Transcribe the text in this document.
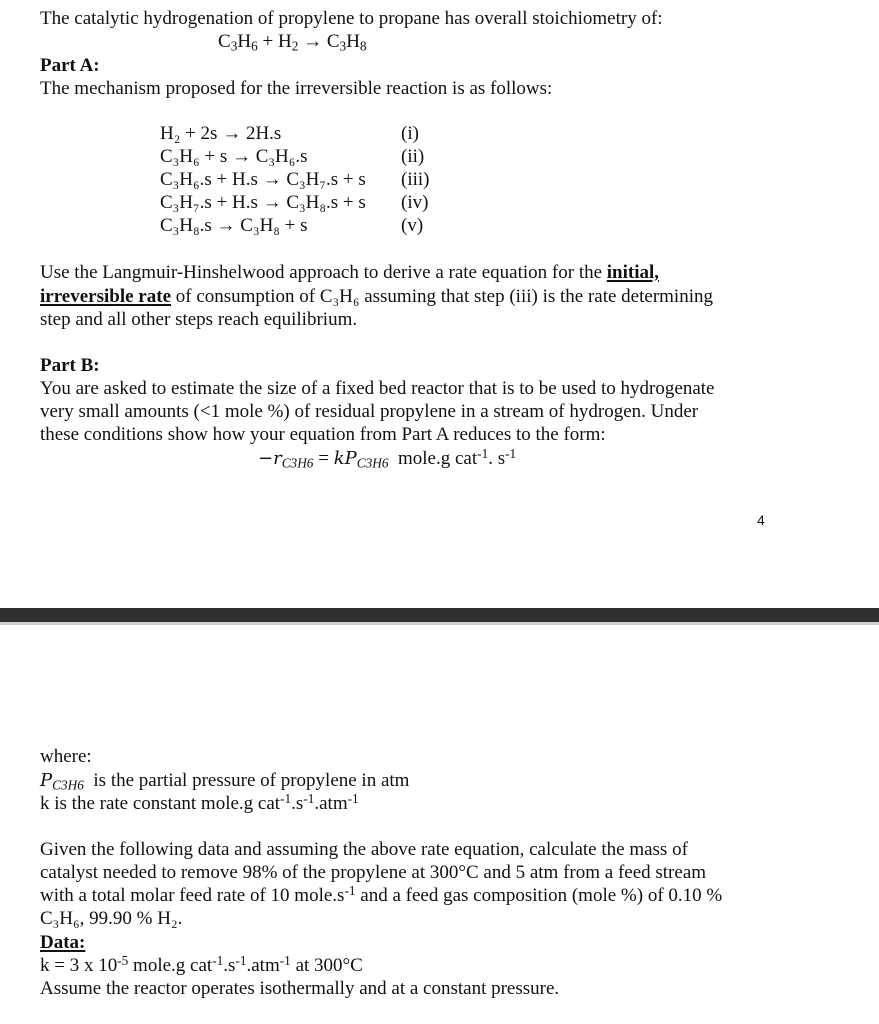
The catalytic hydrogenation of propylene to propane has overall stoichiometry of:
$C_3H_6 + H_2 \to C_3H_8$
Part A:
The mechanism proposed for the irreversible reaction is as follows:
H₂ + 2s → 2H.s	(i)
C₃H₆ + s → C₃H₆.s	(ii)
C₃H₆.s + H.s → C₃H₇.s + s (iii)
C₃H₇.s + H.s → C₃H₈.s + s (iv)
C₃H₈.s → C₃H₈ + s	(v)
Use the Langmuir-Hinshelwood approach to derive a rate equation for the initial,
irreversible rate of consumption of C₃H₆ assuming that step (iii) is the rate determining
step and all other steps reach equilibrium.
Part B:
You are asked to estimate the size of a fixed bed reactor that is to be used to hydrogenate
very small amounts (<1 mole %) of residual propylene in a stream of hydrogen. Under
these conditions show how your equation from Part A reduces to the form:
$-r_{C3H6} = kP_{C3H6}$ mole.g cat$^{-1}$. $s^{-1}$
4
where:
$P_{C3H6}$ is the partial pressure of propylene in atm
k is the rate constant mole.g $cat^{-1}.s^{-1}.atm^{-1}$
Given the following data and assuming the above rate equation, calculate the mass of
catalyst needed to remove 98% of the propylene at 300°C and 5 atm from a feed stream
with a total molar feed rate of 10 $mole.s^{-1}$ and a feed gas composition (mole %) of 0.10 %
C₃H₆, 99.90 % H₂.
Data:
k = 3 x $10^{-5}$ mole.g $cat^{-1}.s^{-1}.atm^{-1}$ at 300°C
Assume the reactor operates isothermally and at a constant pressure.
